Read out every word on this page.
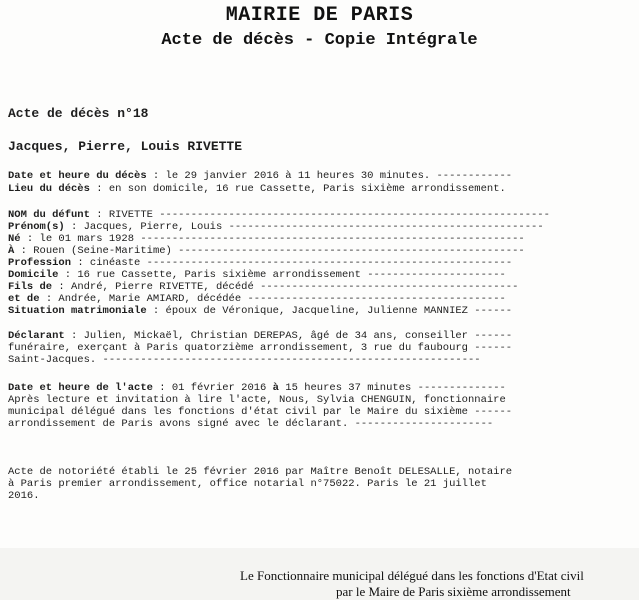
MAIRIE DE PARIS
Acte de décès - Copie Intégrale
Acte de décès n°18
Jacques, Pierre, Louis RIVETTE
Date et heure du décès : le 29 janvier 2016 à 11 heures 30 minutes. ------------
Lieu du décès : en son domicile, 16 rue Cassette, Paris sixième arrondissement.
NOM du défunt : RIVETTE --------------------------------------------------------------
Prénom(s) : Jacques, Pierre, Louis --------------------------------------------------
Né : le 01 mars 1928 -------------------------------------------------------------
À : Rouen (Seine-Maritime) -------------------------------------------------------
Profession : cinéaste ----------------------------------------------------------
Domicile : 16 rue Cassette, Paris sixième arrondissement ----------------------
Fils de : André, Pierre RIVETTE, décédé -----------------------------------------
et de : Andrée, Marie AMIARD, décédée -----------------------------------------
Situation matrimoniale : époux de Véronique, Jacqueline, Julienne MANNIEZ ------
Déclarant : Julien, Mickaël, Christian DEREPAS, âgé de 34 ans, conseiller ------
funéraire, exerçant à Paris quatorzième arrondissement, 3 rue du faubourg ------
Saint-Jacques. ------------------------------------------------------------
Date et heure de l'acte : 01 février 2016 à 15 heures 37 minutes --------------
Après lecture et invitation à lire l'acte, Nous, Sylvia CHENGUIN, fonctionnaire
municipal délégué dans les fonctions d'état civil par le Maire du sixième ------
arrondissement de Paris avons signé avec le déclarant. ----------------------
Acte de notoriété établi le 25 février 2016 par Maître Benoît DELESALLE, notaire
à Paris premier arrondissement, office notarial n°75022. Paris le 21 juillet
2016.
Le Fonctionnaire municipal délégué dans les fonctions d'Etat civil
par le Maire de Paris sixième arrondissement
